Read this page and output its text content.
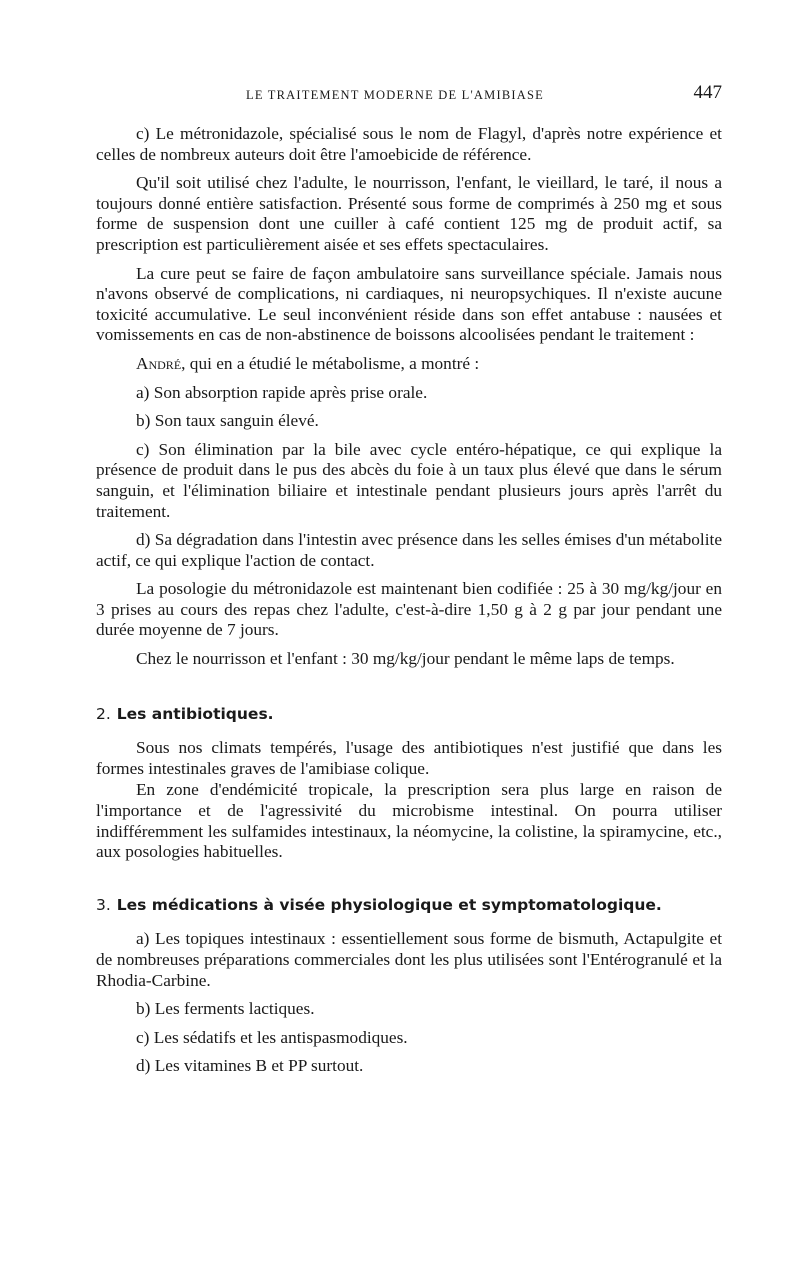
LE TRAITEMENT MODERNE DE L'AMIBIASE	447

c) Le métronidazole, spécialisé sous le nom de Flagyl, d'après notre expérience et celles de nombreux auteurs doit être l'amoebicide de référence.

Qu'il soit utilisé chez l'adulte, le nourrisson, l'enfant, le vieillard, le taré, il nous a toujours donné entière satisfaction. Présenté sous forme de comprimés à 250 mg et sous forme de suspension dont une cuiller à café contient 125 mg de produit actif, sa prescription est particulièrement aisée et ses effets spectaculaires.

La cure peut se faire de façon ambulatoire sans surveillance spéciale. Jamais nous n'avons observé de complications, ni cardiaques, ni neuropsychiques. Il n'existe aucune toxicité accumulative. Le seul inconvénient réside dans son effet antabuse : nausées et vomissements en cas de non-abstinence de boissons alcoolisées pendant le traitement :

André, qui en a étudié le métabolisme, a montré :

a) Son absorption rapide après prise orale.

b) Son taux sanguin élevé.

c) Son élimination par la bile avec cycle entéro-hépatique, ce qui explique la présence de produit dans le pus des abcès du foie à un taux plus élevé que dans le sérum sanguin, et l'élimination biliaire et intestinale pendant plusieurs jours après l'arrêt du traitement.

d) Sa dégradation dans l'intestin avec présence dans les selles émises d'un métabolite actif, ce qui explique l'action de contact.

La posologie du métronidazole est maintenant bien codifiée : 25 à 30 mg/kg/jour en 3 prises au cours des repas chez l'adulte, c'est-à-dire 1,50 g à 2 g par jour pendant une durée moyenne de 7 jours.

Chez le nourrisson et l'enfant : 30 mg/kg/jour pendant le même laps de temps.

2. Les antibiotiques.

Sous nos climats tempérés, l'usage des antibiotiques n'est justifié que dans les formes intestinales graves de l'amibiase colique.

En zone d'endémicité tropicale, la prescription sera plus large en raison de l'importance et de l'agressivité du microbisme intestinal. On pourra utiliser indifféremment les sulfamides intestinaux, la néomycine, la colistine, la spiramycine, etc., aux posologies habituelles.

3. Les médications à visée physiologique et symptomatologique.

a) Les topiques intestinaux : essentiellement sous forme de bismuth, Actapulgite et de nombreuses préparations commerciales dont les plus utilisées sont l'Entérogranulé et la Rhodia-Carbine.

b) Les ferments lactiques.

c) Les sédatifs et les antispasmodiques.

d) Les vitamines B et PP surtout.
